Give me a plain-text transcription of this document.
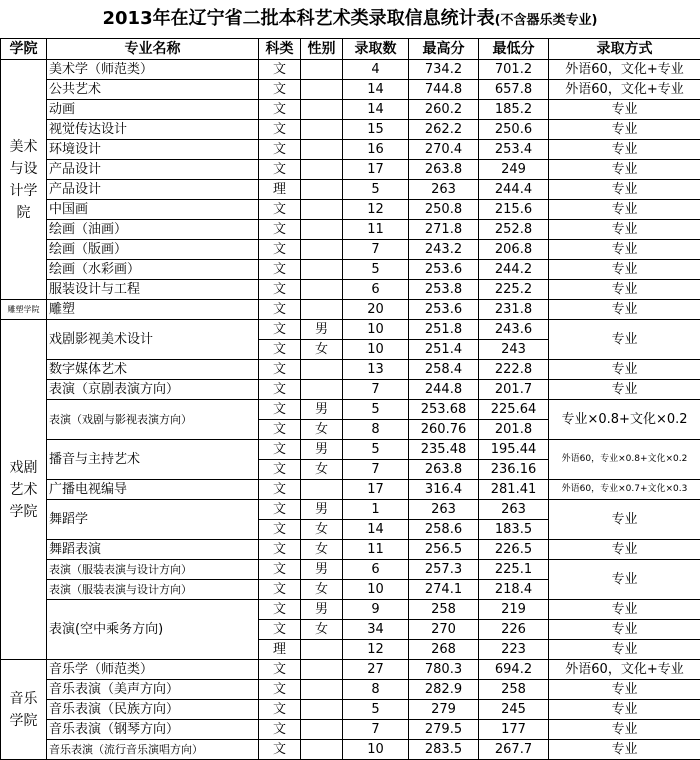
2013年在辽宁省二批本科艺术类录取信息统计表(不含器乐类专业)
学院	专业名称	科类	性别	录取数	最高分	最低分	录取方式
美术与设计学院	美术学（师范类）	文		4	734.2	701.2	外语60，文化+专业
	公共艺术	文		14	744.8	657.8	外语60，文化+专业
	动画	文		14	260.2	185.2	专业
	视觉传达设计	文		15	262.2	250.6	专业
	环境设计	文		16	270.4	253.4	专业
	产品设计	文		17	263.8	249	专业
	产品设计	理		5	263	244.4	专业
	中国画	文		12	250.8	215.6	专业
	绘画（油画）	文		11	271.8	252.8	专业
	绘画（版画）	文		7	243.2	206.8	专业
	绘画（水彩画）	文		5	253.6	244.2	专业
	服装设计与工程	文		6	253.8	225.2	专业
雕塑学院	雕塑	文		20	253.6	231.8	专业
戏剧艺术学院	戏剧影视美术设计	文	男	10	251.8	243.6	专业
		文	女	10	251.4	243	
	数字媒体艺术	文		13	258.4	222.8	专业
	表演（京剧表演方向）	文		7	244.8	201.7	专业
	表演（戏剧与影视表演方向）	文	男	5	253.68	225.64	专业×0.8+文化×0.2
		文	女	8	260.76	201.8	
	播音与主持艺术	文	男	5	235.48	195.44	外语60，专业×0.8+文化×0.2
		文	女	7	263.8	236.16	
	广播电视编导	文		17	316.4	281.41	外语60，专业×0.7+文化×0.3
	舞蹈学	文	男	1	263	263	专业
		文	女	14	258.6	183.5	
	舞蹈表演	文	女	11	256.5	226.5	专业
	表演（服装表演与设计方向）	文	男	6	257.3	225.1	专业
	表演（服装表演与设计方向）	文	女	10	274.1	218.4	
	表演(空中乘务方向)	文	男	9	258	219	专业
		文	女	34	270	226	专业
		理		12	268	223	专业
音乐学院	音乐学（师范类）	文		27	780.3	694.2	外语60，文化+专业
	音乐表演（美声方向）	文		8	282.9	258	专业
	音乐表演（民族方向）	文		5	279	245	专业
	音乐表演（钢琴方向）	文		7	279.5	177	专业
	音乐表演（流行音乐演唱方向）	文		10	283.5	267.7	专业
